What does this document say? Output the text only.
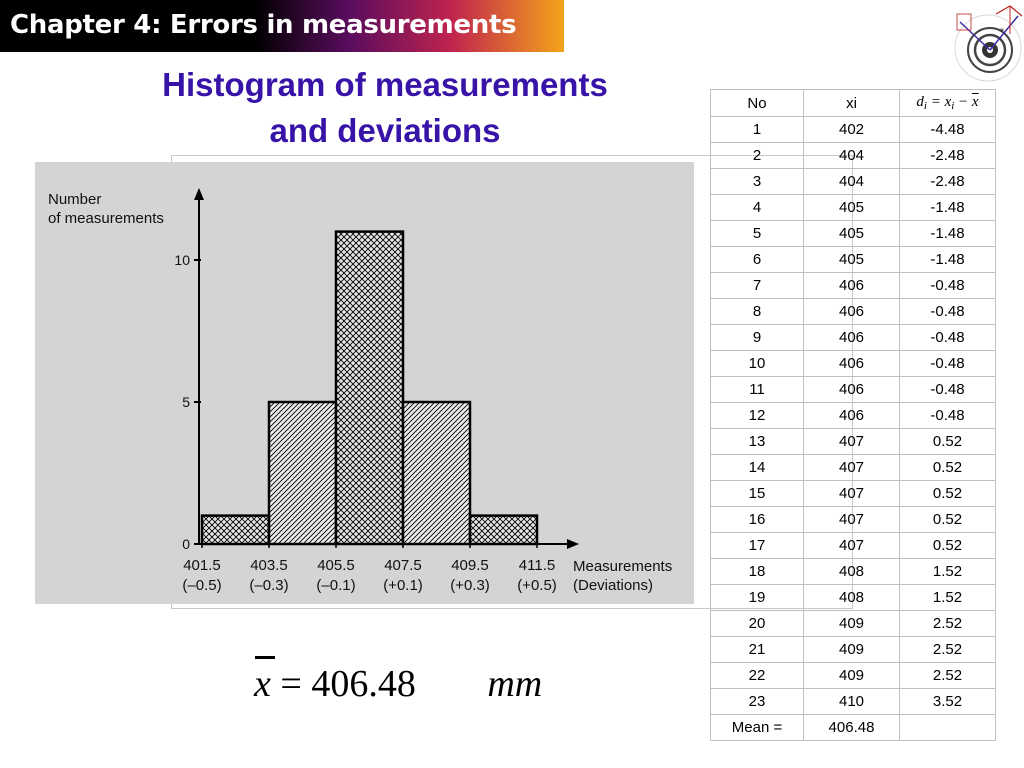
Chapter 4: Errors in measurements
Histogram of measurements
and deviations
*
0
5
10
401.5
(–0.5)
403.5
(–0.3)
405.5
(–0.1)
407.5
(+0.1)
409.5
(+0.3)
411.5
(+0.5)
Number
of measurements
Measurements
(Deviations)
No	xi	$d_i = x_i - \overline{x}$
1	402	-4.48
2	404	-2.48
3	404	-2.48
4	405	-1.48
5	405	-1.48
6	405	-1.48
7	406	-0.48
8	406	-0.48
9	406	-0.48
10	406	-0.48
11	406	-0.48
12	406	-0.48
13	407	0.52
14	407	0.52
15	407	0.52
16	407	0.52
17	407	0.52
18	408	1.52
19	408	1.52
20	409	2.52
21	409	2.52
22	409	2.52
23	410	3.52
Mean =	406.48	
x = 406.48 mm
